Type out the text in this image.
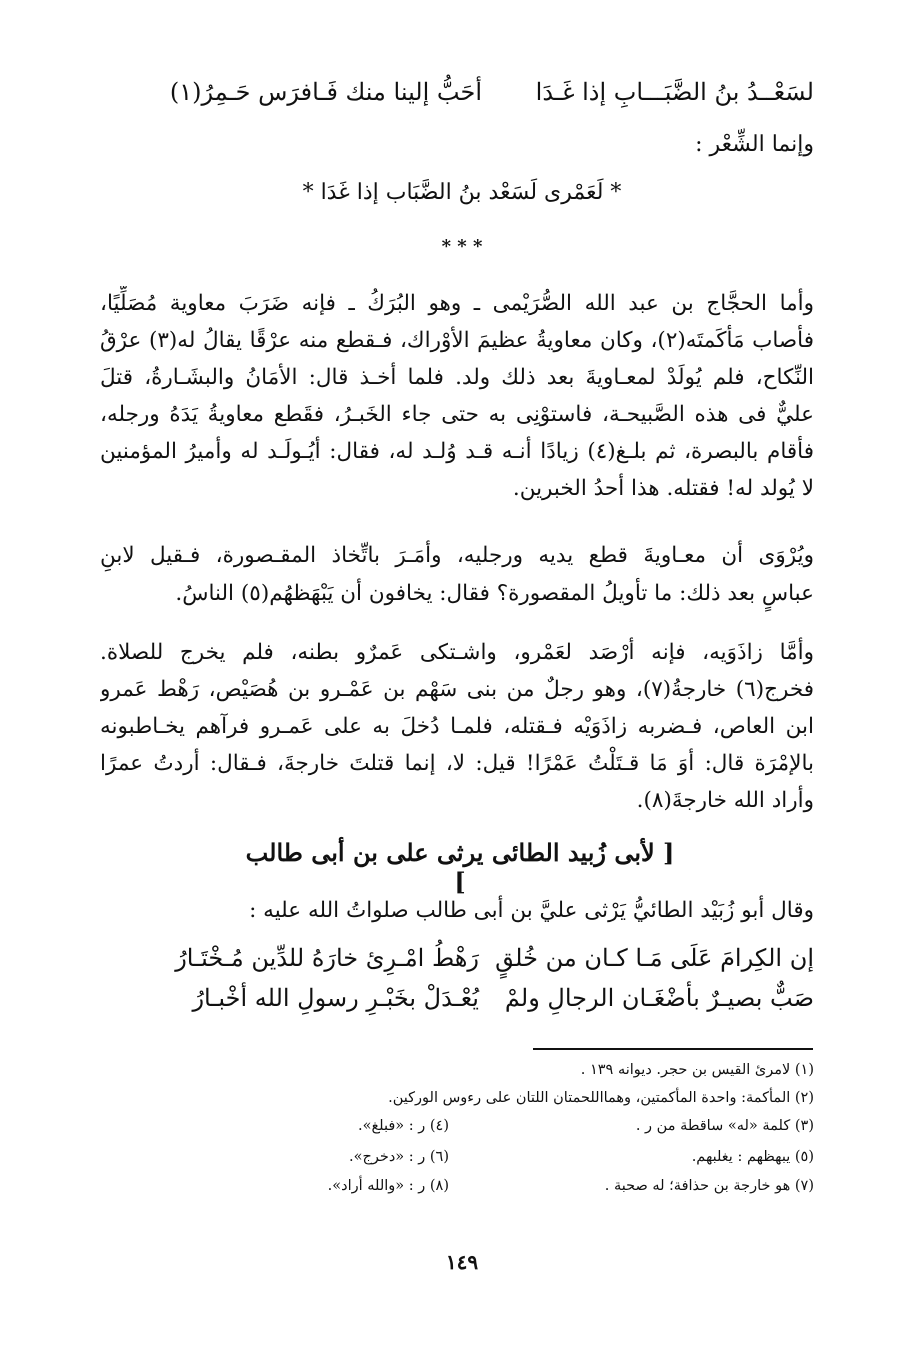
لسَعْــدُ بنُ الضَّبَـــابِ إذا غَـدَا
أحَبُّ إلينا منك فَـافرَس حَـمِرُ(١)
وإنما الشِّعْر :
* لَعَمْرى لَسَعْد بنُ الضَّبَاب إذا غَدَا *
* * *
وأما الحجَّاج بن عبد الله الصُّرَيْمى ـ وهو البُرَكُ ـ فإنه ضَرَبَ معاوية مُصَلِّيًا،
فأصاب مَأكَمتَه(٢)، وكان معاويةُ عظيمَ الأوْراك، فـقطع منه عرْقًا يقالُ له(٣) عرْقُ
النِّكاح، فلم يُولَدْ لمعـاويةَ بعد ذلك ولد. فلما أخـذ قال: الأمَانُ والبشَـارةُ، قتلَ
عليٌّ فى هذه الصَّبيحـة، فاستوْنِى به حتى جاء الخَبـرُ، فقَطع معاويةُ يَدَهُ ورجله،
فأقام بالبصرة، ثم بلـغ(٤) زيادًا أنـه قـد وُلـد له، فقال: أيُـولَـد له وأميرُ المؤمنين
لا يُولد له! فقتله. هذا أحدُ الخبرين.
ويُرْوَى أن معـاويةَ قطع يديه ورجليه، وأمَـرَ باتِّخاذ المقـصورة، فـقيل لابنِ
عباسٍ بعد ذلك: ما تأويلُ المقصورة؟ فقال: يخافون أن يَبْهَظهُم(٥) الناسُ.
وأمَّا زاذَوَيه، فإنه أرْصَد لعَمْرو، واشـتكى عَمرٌو بطنه، فلم يخرج للصلاة.
فخرج(٦) خارجةُ(٧)، وهو رجلٌ من بنى سَهْم بن عَمْـرو بن هُصَيْص، رَهْط عَمرو
ابن العاص، فـضربه زاذَوَيْه فـقتله، فلمـا دُخلَ به على عَمـرو فرآهم يخـاطبونه
بالإمْرَة قال: أوَ مَا قـتَلْتُ عَمْرًا! قيل: لا، إنما قتلتَ خارجةَ، فـقال: أردتُ عمرًا
وأراد الله خارجةَ(٨).
[ لأبى زُبيد الطائى يرثى على بن أبى طالب ]
وقال أبو زُبَيْد الطائيُّ يَرْثى عليَّ بن أبى طالب صلواتُ الله عليه :
إن الكِرامَ عَلَى مَـا كـان من خُلقٍ
رَهْطُ امْـرِئ خارَهُ للدِّين مُـخْتَـارُ
صَبٌّ بصيـرٌ بأضْغَـان الرجالِ ولمْ
يُعْـدَلْ بخَبْـرِ رسولِ الله أخْبـارُ
(١) لامرئ القيس بن حجر. ديوانه ١٣٩ .
(٢) المأكمة: واحدة المأكمتين، وهمااللحمتان اللتان على رءوس الوركين.
(٣) كلمة «له» ساقطة من ر .
(٤) ر : «فبلغ».
(٥) يبهظهم : يغلبهم.
(٦) ر : «دخرج».
(٧) هو خارجة بن حذافة؛ له صحبة .
(٨) ر : «والله أراد».
١٤٩
